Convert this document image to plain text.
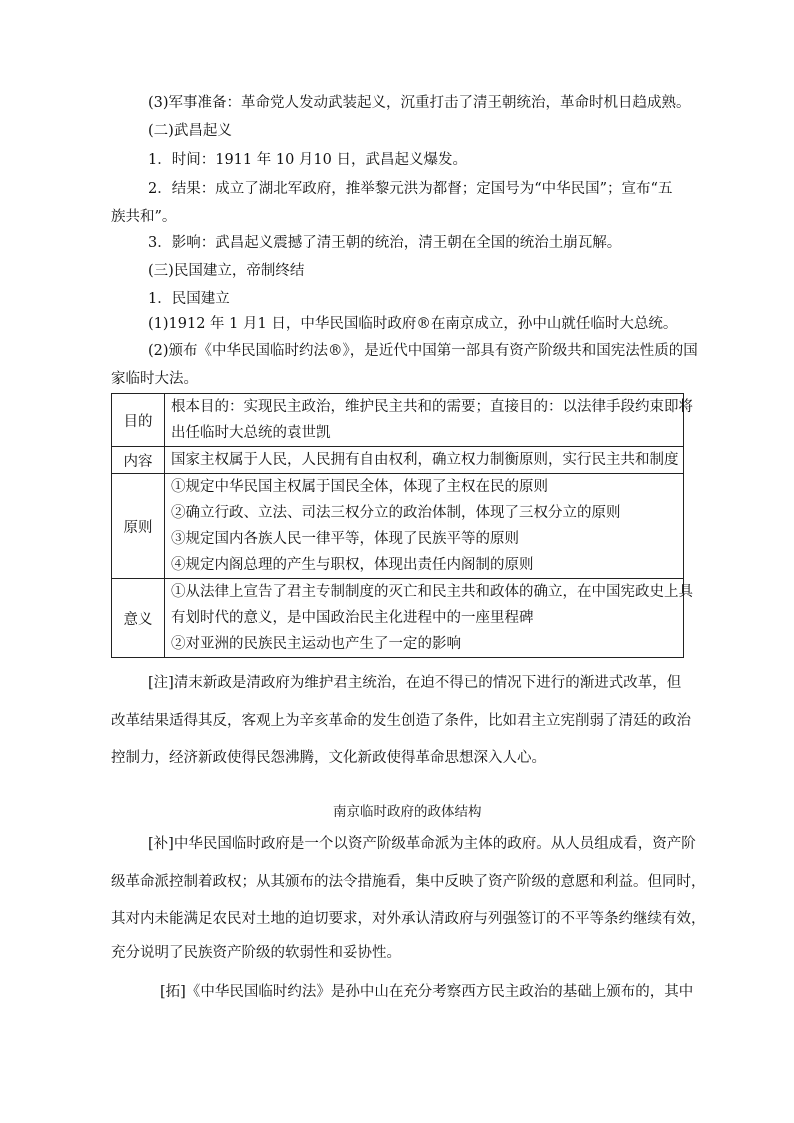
(3)军事准备：革命党人发动武装起义，沉重打击了清王朝统治，革命时机日趋成熟。
(二)武昌起义
1．时间：1911 年 10 月10 日，武昌起义爆发。
2．结果：成立了湖北军政府，推举黎元洪为都督；定国号为“中华民国”；宣布“五
族共和”。
3．影响：武昌起义震撼了清王朝的统治，清王朝在全国的统治土崩瓦解。
(三)民国建立，帝制终结
1．民国建立
(1)1912 年 1 月1 日，中华民国临时政府®在南京成立，孙中山就任临时大总统。
(2)颁布《中华民国临时约法®》，是近代中国第一部具有资产阶级共和国宪法性质的国
家临时大法。
目的	根本目的：实现民主政治，维护民主共和的需要；直接目的：以法律手段约束即将
出任临时大总统的袁世凯

内容	国家主权属于人民，人民拥有自由权利，确立权力制衡原则，实行民主共和制度

原则	①规定中华民国主权属于国民全体，体现了主权在民的原则
②确立行政、立法、司法三权分立的政治体制，体现了三权分立的原则
③规定国内各族人民一律平等，体现了民族平等的原则
④规定内阁总理的产生与职权，体现出责任内阁制的原则

意义	①从法律上宣告了君主专制制度的灭亡和民主共和政体的确立，在中国宪政史上具
有划时代的意义，是中国政治民主化进程中的一座里程碑
②对亚洲的民族民主运动也产生了一定的影响
[注]清末新政是清政府为维护君主统治，在迫不得已的情况下进行的渐进式改革，但
改革结果适得其反，客观上为辛亥革命的发生创造了条件，比如君主立宪削弱了清廷的政治
控制力，经济新政使得民怨沸腾，文化新政使得革命思想深入人心。
南京临时政府的政体结构
[补]中华民国临时政府是一个以资产阶级革命派为主体的政府。从人员组成看，资产阶
级革命派控制着政权；从其颁布的法令措施看，集中反映了资产阶级的意愿和利益。但同时，
其对内未能满足农民对土地的迫切要求，对外承认清政府与列强签订的不平等条约继续有效，
充分说明了民族资产阶级的软弱性和妥协性。
[拓]《中华民国临时约法》是孙中山在充分考察西方民主政治的基础上颁布的，其中
